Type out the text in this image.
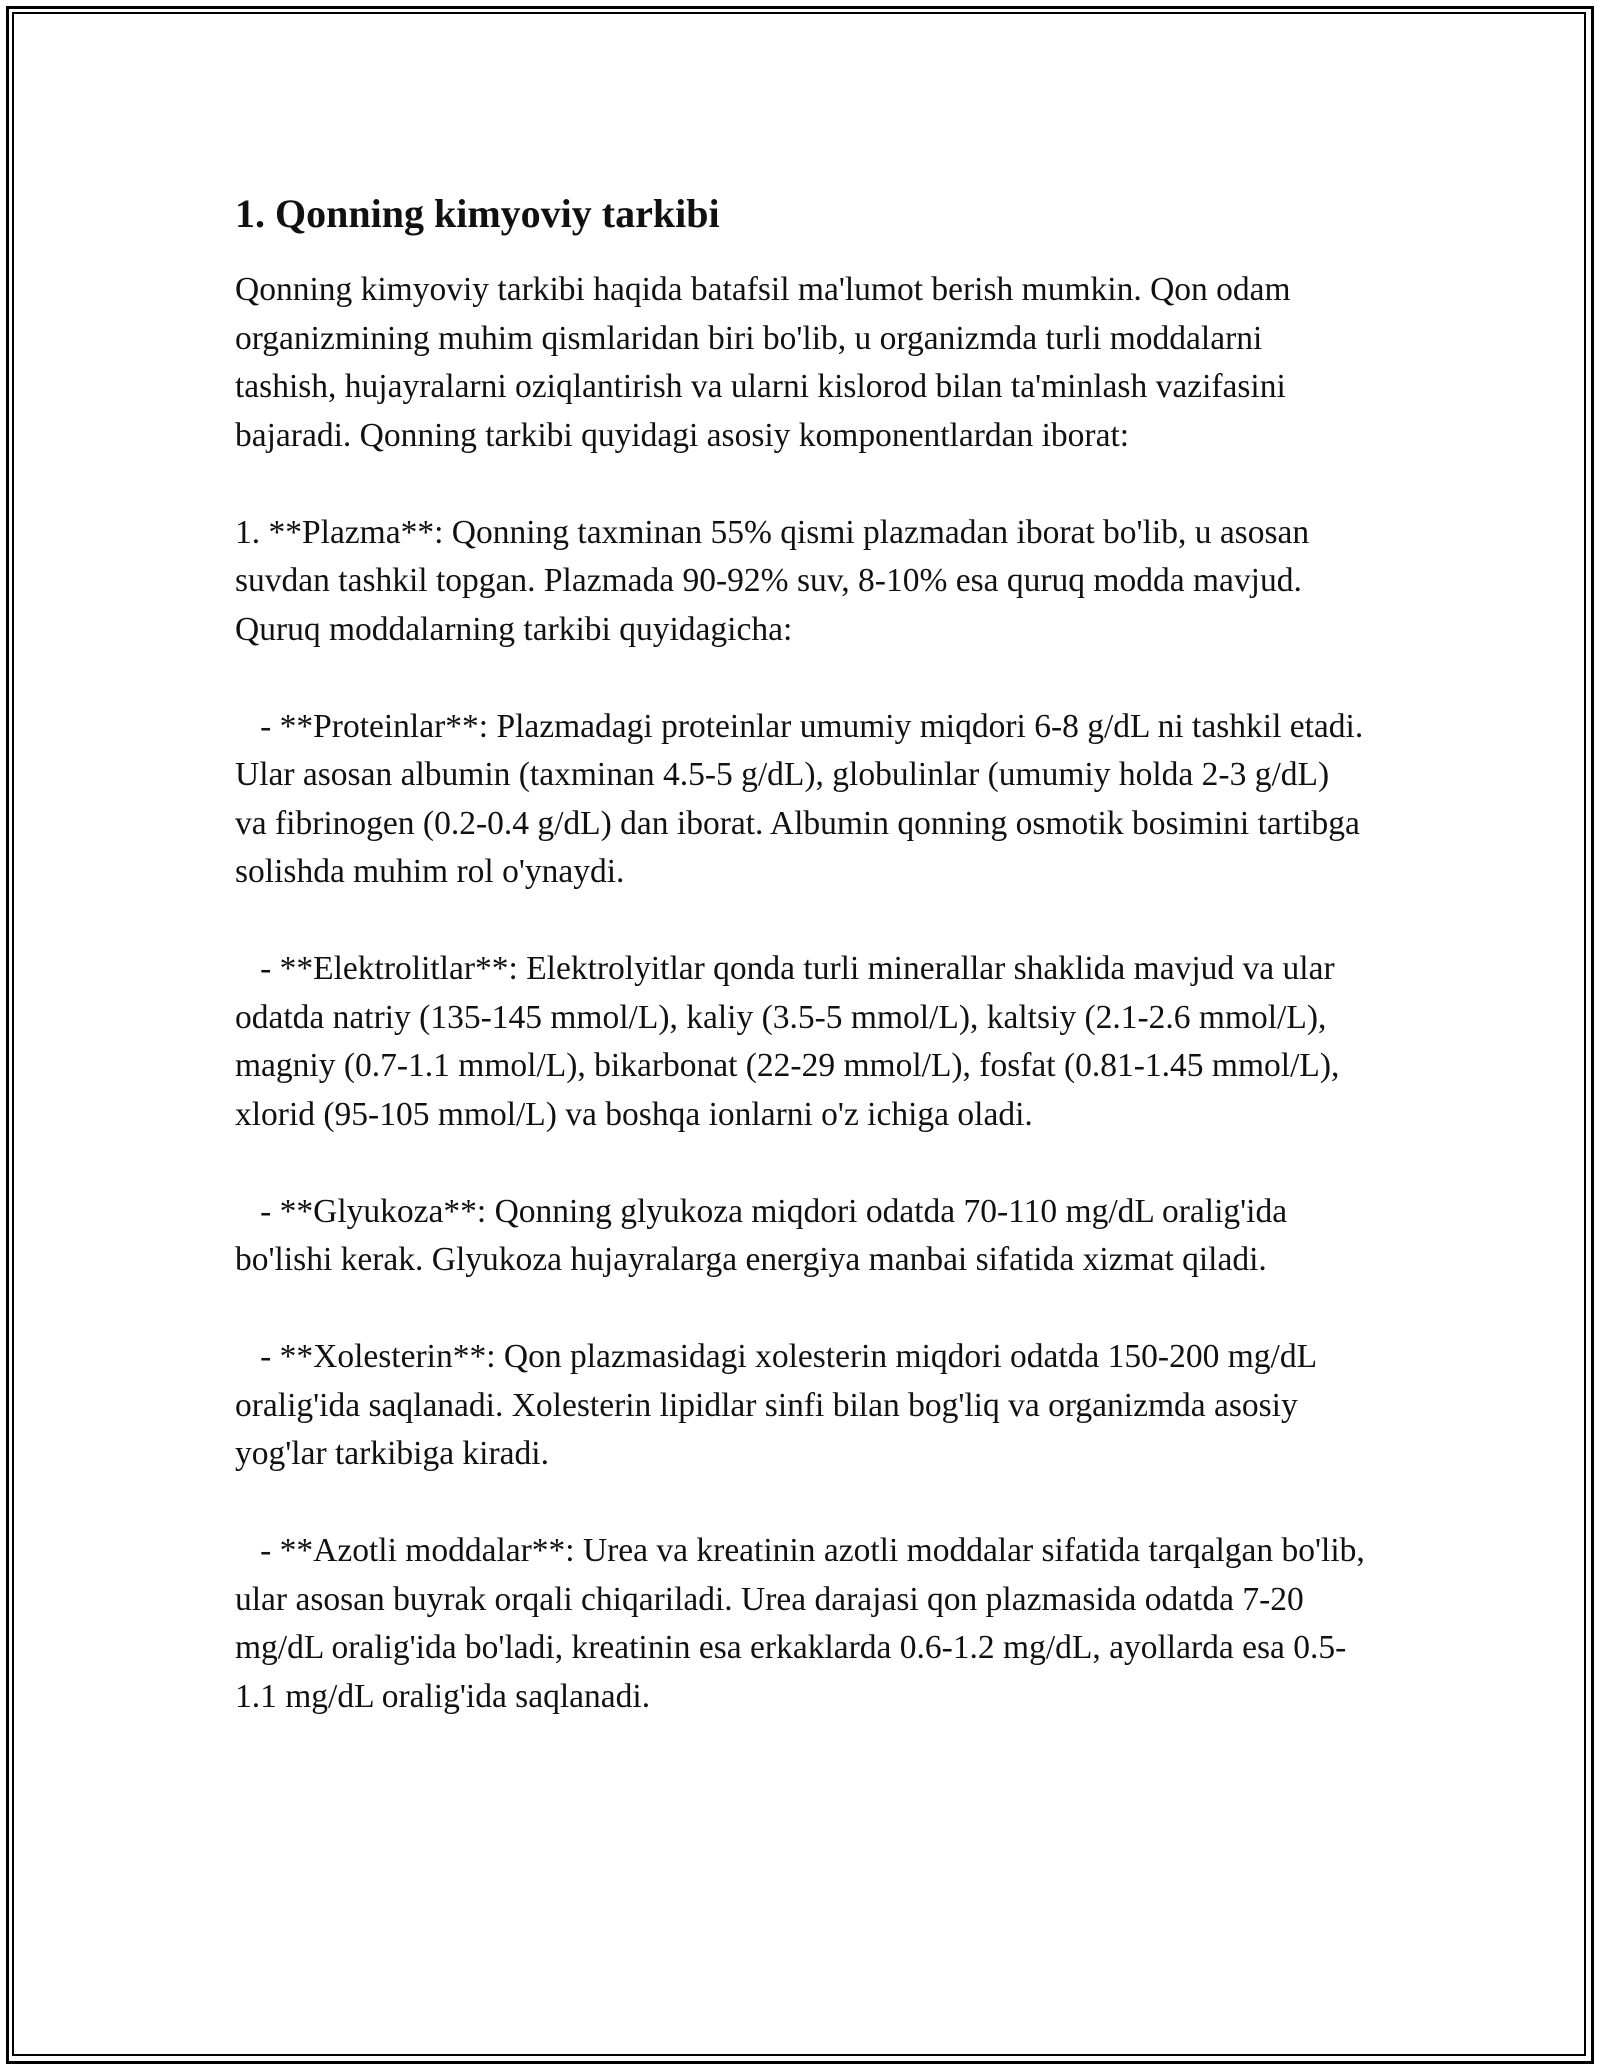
1. Qonning kimyoviy tarkibi

Qonning kimyoviy tarkibi haqida batafsil ma'lumot berish mumkin. Qon odam organizmining muhim qismlaridan biri bo'lib, u organizmda turli moddalarni tashish, hujayralarni oziqlantirish va ularni kislorod bilan ta'minlash vazifasini bajaradi. Qonning tarkibi quyidagi asosiy komponentlardan iborat:

1. **Plazma**: Qonning taxminan 55% qismi plazmadan iborat bo'lib, u asosan suvdan tashkil topgan. Plazmada 90-92% suv, 8-10% esa quruq modda mavjud. Quruq moddalarning tarkibi quyidagicha:

- **Proteinlar**: Plazmadagi proteinlar umumiy miqdori 6-8 g/dL ni tashkil etadi. Ular asosan albumin (taxminan 4.5-5 g/dL), globulinlar (umumiy holda 2-3 g/dL) va fibrinogen (0.2-0.4 g/dL) dan iborat. Albumin qonning osmotik bosimini tartibga solishda muhim rol o'ynaydi.

- **Elektrolitlar**: Elektrolyitlar qonda turli minerallar shaklida mavjud va ular odatda natriy (135-145 mmol/L), kaliy (3.5-5 mmol/L), kaltsiy (2.1-2.6 mmol/L), magniy (0.7-1.1 mmol/L), bikarbonat (22-29 mmol/L), fosfat (0.81-1.45 mmol/L), xlorid (95-105 mmol/L) va boshqa ionlarni o'z ichiga oladi.

- **Glyukoza**: Qonning glyukoza miqdori odatda 70-110 mg/dL oralig'ida bo'lishi kerak. Glyukoza hujayralarga energiya manbai sifatida xizmat qiladi.

- **Xolesterin**: Qon plazmasidagi xolesterin miqdori odatda 150-200 mg/dL oralig'ida saqlanadi. Xolesterin lipidlar sinfi bilan bog'liq va organizmda asosiy yog'lar tarkibiga kiradi.

- **Azotli moddalar**: Urea va kreatinin azotli moddalar sifatida tarqalgan bo'lib, ular asosan buyrak orqali chiqariladi. Urea darajasi qon plazmasida odatda 7-20 mg/dL oralig'ida bo'ladi, kreatinin esa erkaklarda 0.6-1.2 mg/dL, ayollarda esa 0.5-1.1 mg/dL oralig'ida saqlanadi.
